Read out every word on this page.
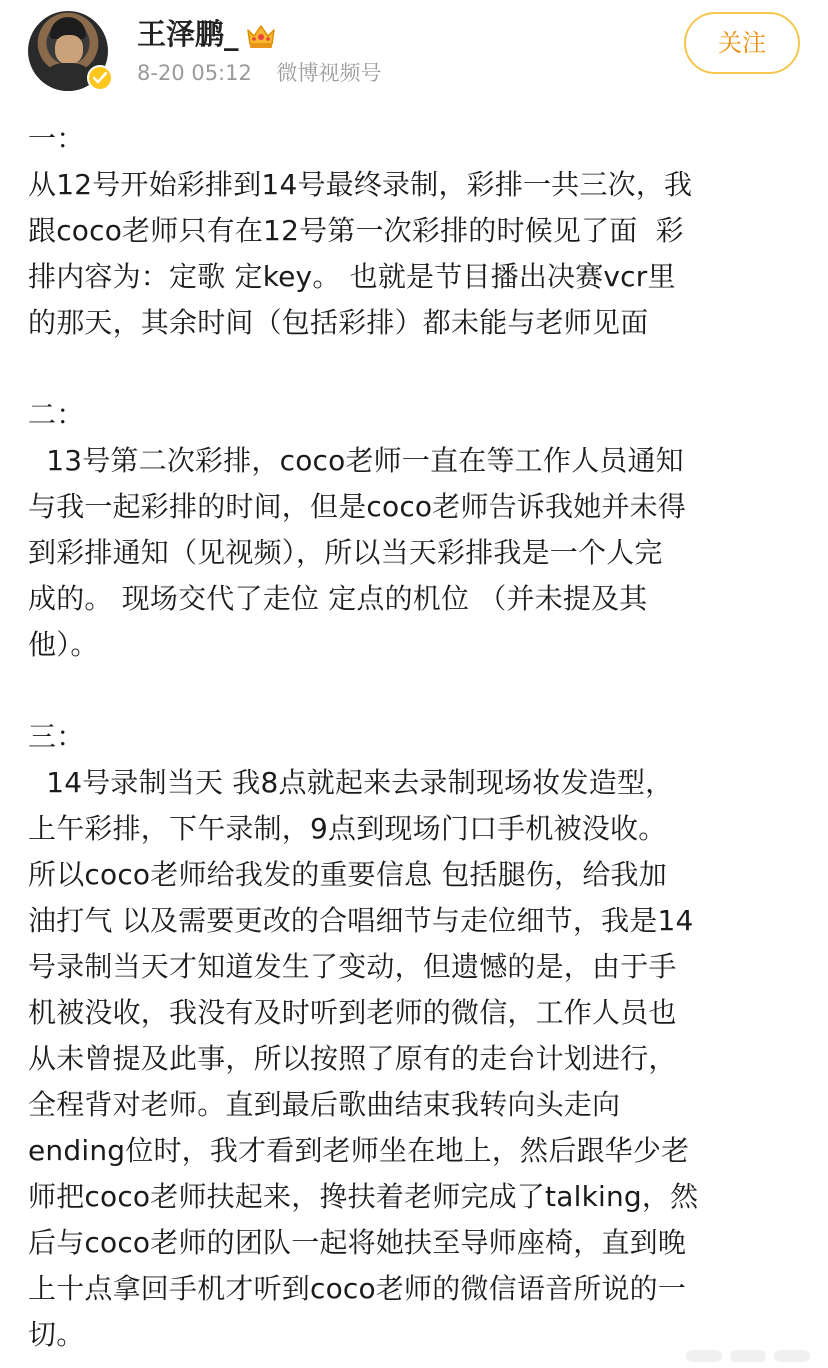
王泽鹏_
8-20 05:12 微博视频号
关注

一：

从12号开始彩排到14号最终录制，彩排一共三次，我

跟coco老师只有在12号第一次彩排的时候见了面  彩

排内容为：定歌 定key。 也就是节目播出决赛vcr里

的那天，其余时间（包括彩排）都未能与老师见面

二：

13号第二次彩排，coco老师一直在等工作人员通知

与我一起彩排的时间，但是coco老师告诉我她并未得

到彩排通知（见视频），所以当天彩排我是一个人完

成的。 现场交代了走位 定点的机位 （并未提及其

他）。

三：

14号录制当天 我8点就起来去录制现场妆发造型，

上午彩排，下午录制，9点到现场门口手机被没收。

所以coco老师给我发的重要信息 包括腿伤，给我加

油打气 以及需要更改的合唱细节与走位细节，我是14

号录制当天才知道发生了变动，但遗憾的是，由于手

机被没收，我没有及时听到老师的微信，工作人员也

从未曾提及此事，所以按照了原有的走台计划进行，

全程背对老师。直到最后歌曲结束我转向头走向

ending位时，我才看到老师坐在地上，然后跟华少老

师把coco老师扶起来，搀扶着老师完成了talking，然

后与coco老师的团队一起将她扶至导师座椅，直到晚

上十点拿回手机才听到coco老师的微信语音所说的一

切。
